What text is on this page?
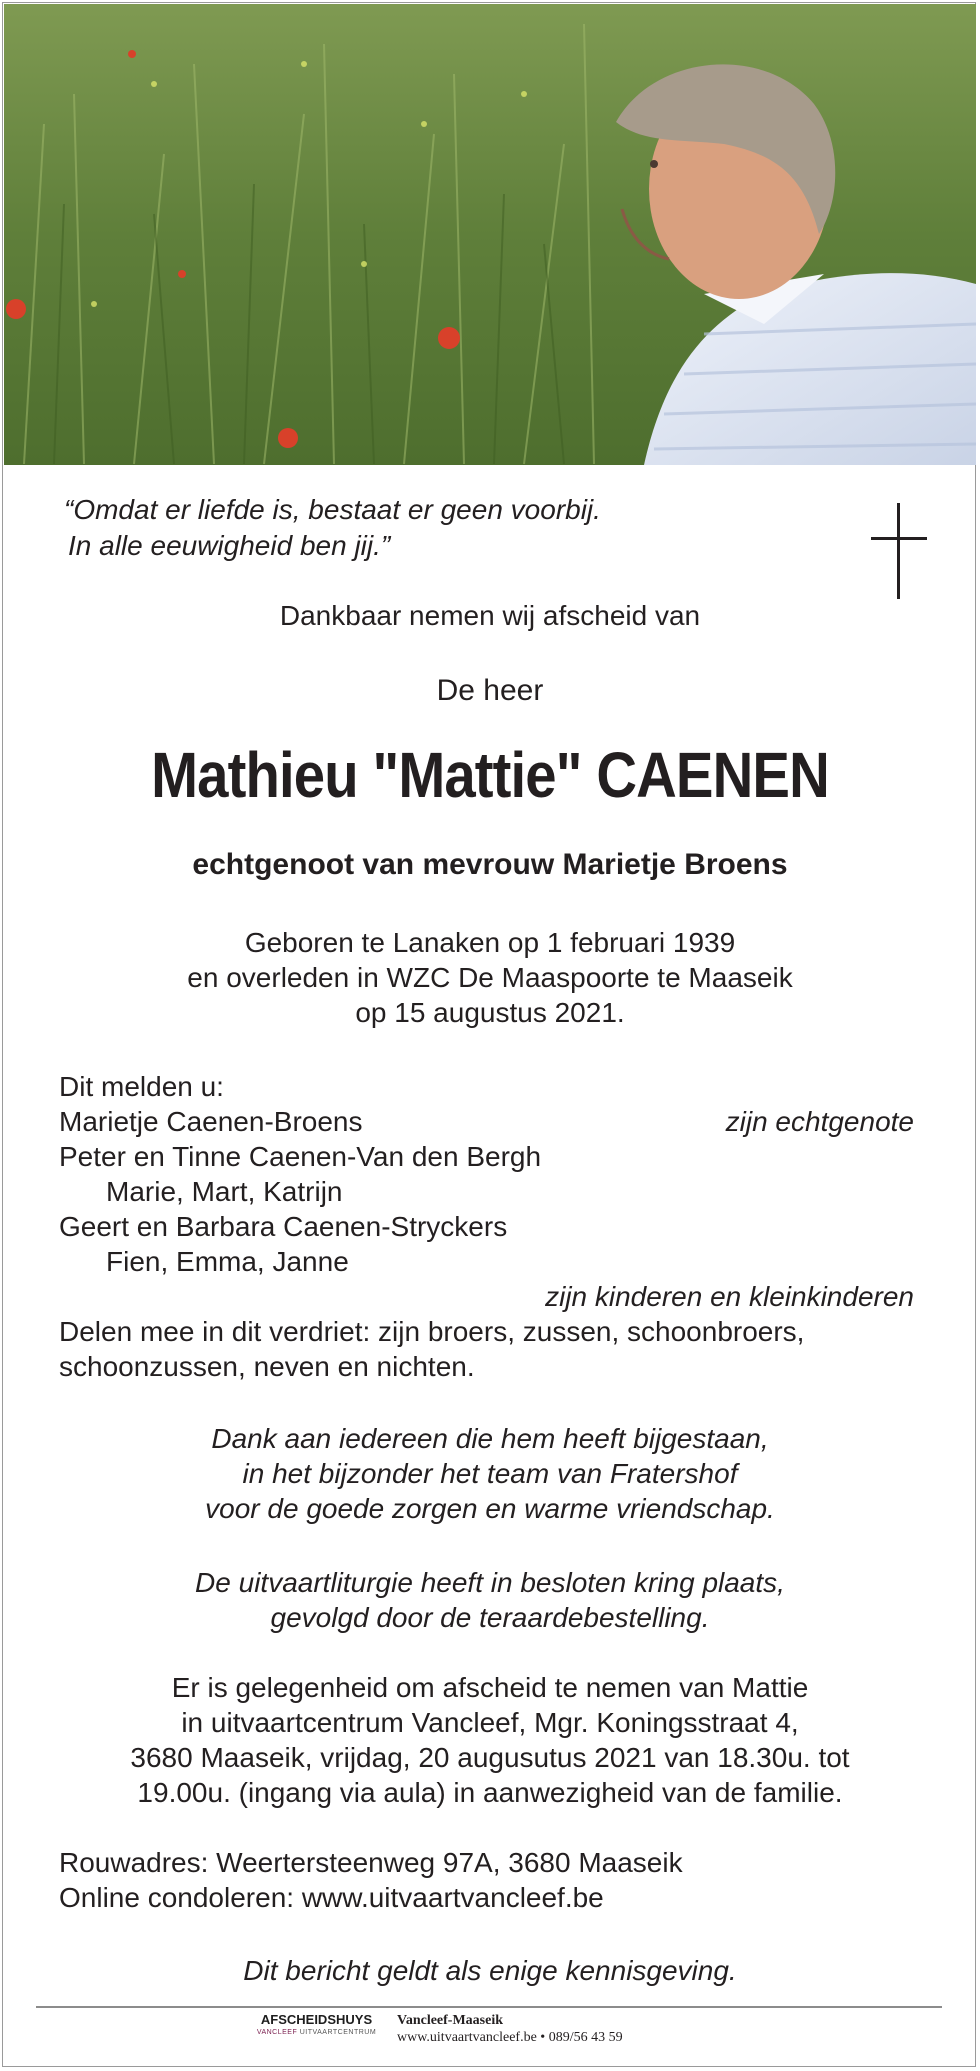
“Omdat er liefde is, bestaat er geen voorbij.
In alle eeuwigheid ben jij.”
Dankbaar nemen wij afscheid van
De heer
Mathieu "Mattie" CAENEN
echtgenoot van mevrouw Marietje Broens
Geboren te Lanaken op 1 februari 1939
en overleden in WZC De Maaspoorte te Maaseik
op 15 augustus 2021.
Dit melden u:
Marietje Caenen-Broens	zijn echtgenote
Peter en Tinne Caenen-Van den Bergh
Marie, Mart, Katrijn
Geert en Barbara Caenen-Stryckers
Fien, Emma, Janne
zijn kinderen en kleinkinderen
Delen mee in dit verdriet: zijn broers, zussen, schoonbroers,
schoonzussen, neven en nichten.
Dank aan iedereen die hem heeft bijgestaan,
in het bijzonder het team van Fratershof
voor de goede zorgen en warme vriendschap.
De uitvaartliturgie heeft in besloten kring plaats,
gevolgd door de teraardebestelling.
Er is gelegenheid om afscheid te nemen van Mattie
in uitvaartcentrum Vancleef, Mgr. Koningsstraat 4,
3680 Maaseik, vrijdag, 20 augusutus 2021 van 18.30u. tot
19.00u. (ingang via aula) in aanwezigheid van de familie.
Rouwadres: Weertersteenweg 97A, 3680 Maaseik
Online condoleren: www.uitvaartvancleef.be
Dit bericht geldt als enige kennisgeving.
AFSCHEIDSHUYS
VANCLEEF UITVAARTCENTRUM
Vancleef-Maaseik
www.uitvaartvancleef.be • 089/56 43 59
